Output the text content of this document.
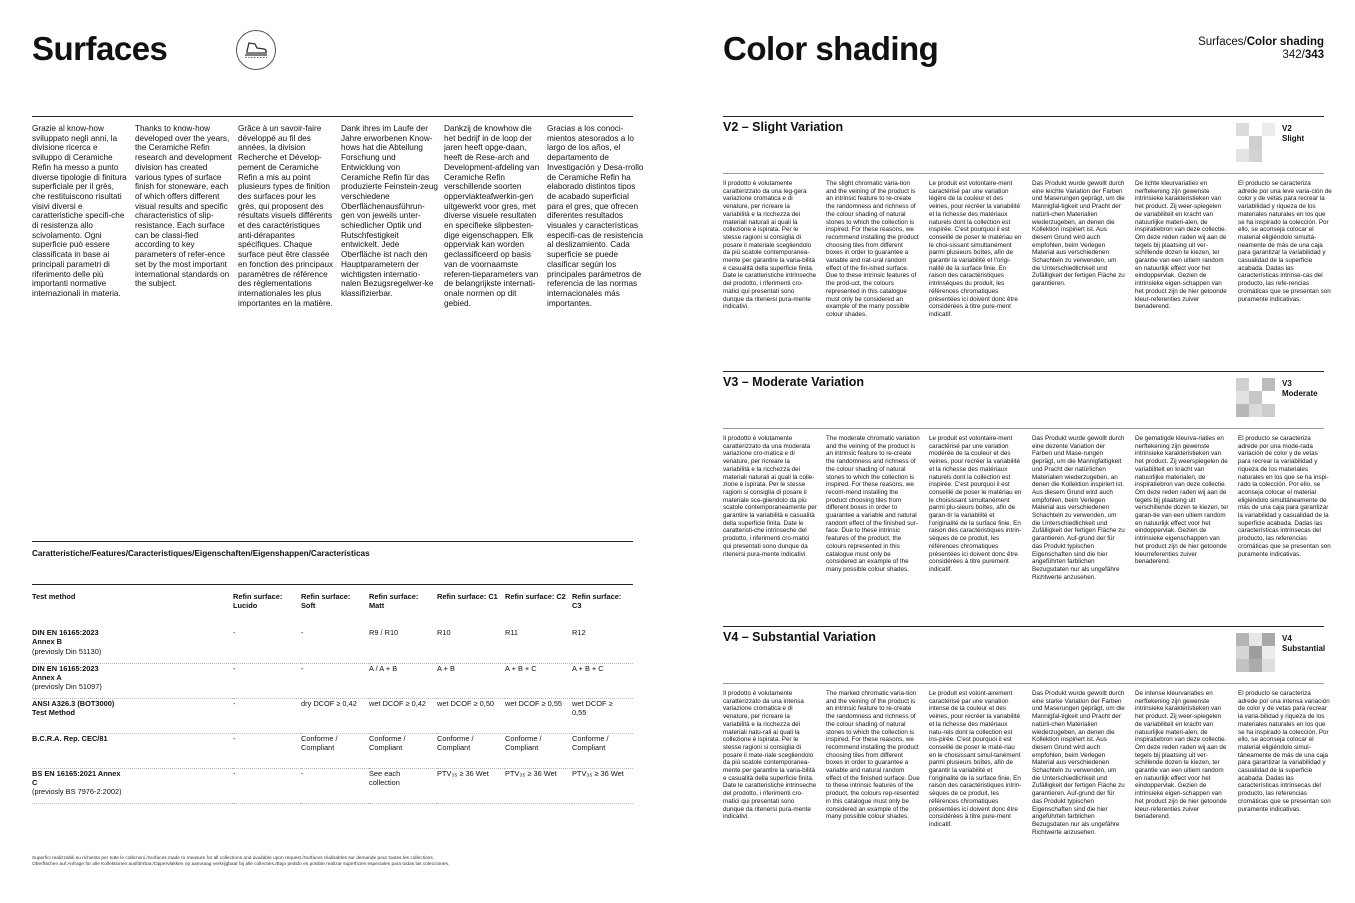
Surfaces
Grazie al know-how sviluppato negli anni, la divisione ricerca e sviluppo di Ceramiche Refin ha messo a punto diverse tipologie di finitura superficiale per il grès, che restituiscono risultati visivi diversi e caratteristiche specifi-che di resistenza allo scivolamento. Ogni superficie può essere classificata in base ai principali parametri di riferimento delle più importanti normative internazionali in materia.
Thanks to know-how developed over the years, the Ceramiche Refin research and development division has created various types of surface finish for stoneware, each of which offers different visual results and specific characteristics of slip-resistance. Each surface can be classi-fied according to key parameters of refer-ence set by the most important international standards on the subject.
Grâce à un savoir-faire développé au fil des années, la division Recherche et Dévelop-pement de Ceramiche Refin a mis au point plusieurs types de finition des surfaces pour les grès, qui proposent des résultats visuels différents et des caractéristiques anti-dérapantes spécifiques. Chaque surface peut être classée en fonction des principaux paramètres de référence des règlementations internationales les plus importantes en la matière.
Dank ihres im Laufe der Jahre erworbenen Know-hows hat die Abteilung Forschung und Entwicklung von Ceramiche Refin für das produzierte Feinstein-zeug verschiedene Oberflächenausführun-gen von jeweils unter-schiedlicher Optik und Rutschfestigkeit entwickelt. Jede Oberfläche ist nach den Hauptparametern der wichtigsten internatio-nalen Bezugsregelwer-ke klassifizierbar.
Dankzij de knowhow die het bedrijf in de loop der jaren heeft opge-daan, heeft de Rese-arch and Development-afdeling van Ceramiche Refin verschillende soorten oppervlakteafwerkin-gen uitgewerkt voor gres, met diverse visuele resultaten en specifieke slipbesten-dige eigenschappen. Elk opperviak kan worden geclassificeerd op basis van de voornaamste referen-tieparameters van de belangrijkste internati-onale normen op dit gebied.
Gracias a los conoci-mientos atesorados a lo largo de los años, el departamento de Investigación y Desa-rrollo de Ceramiche Refin ha elaborado distintos tipos de acabado superficial para el gres, que ofrecen diferentes resultados visuales y características especifi-cas de resistencia al deslizamiento. Cada superficie se puede clasificar según los principales parámetros de referencia de las normas internacionales más importantes.
Caratteristiche/Features/Caracteristiques/Eigenschaften/Eigenshappen/Características
Test method	Refin surface: Lucido	Refin surface: Soft	Refin surface: Matt	Refin surface: C1	Refin surface: C2	Refin surface: C3

DIN EN 16165:2023 Annex B
(previosly Din 51130)	-	-	R9 / R10	R10	R11	R12

DIN EN 16165:2023 Annex A
(previosly Din 51097)	-	-	A / A + B	A + B	A + B + C	A + B + C

ANSI A326.3 (BOT3000) Test Method	-	dry DCOF ≥ 0,42	wet DCOF ≥ 0,42	wet DCOF ≥ 0,50	wet DCOF ≥ 0,55	wet DCOF ≥ 0,55

B.C.R.A. Rep. CEC/81	-	Conforme / Compliant	Conforme / Compliant	Conforme / Compliant	Conforme / Compliant	Conforme / Compliant

BS EN 16165:2021 Annex C
(previosly BS 7976-2:2002)	-	-	See each collection	PTV₃₅ ≥ 36 Wet	PTV₃₅ ≥ 36 Wet	PTV₃₅ ≥ 36 Wet
Superfici realizzabili su richiesta per tutte le collezioni./Surfaces made to measure for all collections and available upon request./Surfaces réalisables sur demande pour toutes les collections.
Oberflächen auf Anfrage für alle Kollektionen ausführbar./Oppervlakken op aanvraag verkrijgbaar bij alle collecties./Bajo pedido es posible realizar superficies especiales para todas las colecciones.
Color shading	Surfaces/Color shading
342/343
V2 – Slight Variation	V2
Slight
Il prodotto è volutamente caratterizzato da una leg-gera variazione cromatica e di venature, per ricreare la variabilità e la ricchezza dei materiali naturali ai quali la collezione è ispirata. Per le stesse ragioni si consiglia di posare il materiale scegliendolo da più scatole contemporanea-mente per garantire la varia-bilità e casualità della superficie finita. Date le caratteristiche intrinseche del prodotto, i riferimenti cro-matici qui presentati sono dunque da ritenersi pura-mente indicativi.
The slight chromatic varia-tion and the veining of the product is an intrinsic feature to re-create the randomness and richness of the colour shading of natural stones to which the collection is inspired. For these reasons, we recommend installing the product choosing tiles from different boxes in order to guarantee a variable and nat-ural random effect of the fin-ished surface. Due to these intrinsic features of the prod-uct, the colours represented in this catalogue must only be considered an example of the many possible colour shades.
Le produit est volontaire-ment caractérisé par une variation légère de la couleur et des veines, pour recréer la variabilité et la richesse des matériaux naturels dont la collection est inspirée. C'est pourquoi il est conseillé de poser le matériau en le choi-sissant simultanément parmi plusieurs boîtes, afin de garantir la variabilité et l'origi-nalité de la surface finie. En raison des caractéristiques intrinsèques du produit, les références chromatiques présentées ici doivent donc être considérées à titre pure-ment indicatif.
Das Produkt wurde gewollt durch eine leichte Variation der Farben und Maserungen geprägt, um die Mannigfal-tigkeit und Pracht der natürli-chen Materialien wiederzugeben, an denen die Kollektion inspiriert ist. Aus diesem Grund wird auch empfohlen, beim Verlegen Material aus verschiedenen Schachteln zu verwenden, um die Unterschiedlichkeit und Zufälligkeit der fertigen Fläche zu garantieren.
De lichte kleurvariaties en nerftekening zijn gewenste intrinsieke karakteristieken van het product. Zij weer-spiegelen de variabiliteit en kracht van natuurlijke materi-alen, de inspiratiebron van deze collectie. Om deze reden raden wij aan de tegels bij plaatsing uit ver-schillende dozen te kiezen, ter garantie van een uitiem random en natuurlijk effect voor het eindoppervlak. Gezien de intrinsieke eigen-schappen van het product zijn de hier getoonde kleur-referenties zuiver benaderend.
El producto se caracteriza adrede por una leve varia-ción de color y de vetas para recrear la variabilidad y riqueza de los materiales naturales en los que se ha inspirado la colección. Por ello, se aconseja colocar el material eligiéndolo simultá-neamente de más de una caja para garantizar la variabilidad y casualidad de la superficie acabada. Dadas las características intrinse-cas del producto, las refe-rencias cromáticas que se presentan son puramente indicativas.
V3 – Moderate Variation	V3
Moderate
Il prodotto è volutamente caratterizzato da una moderata variazione cro-matica e di venature, per ricreare la variabilità e la ricchezza dei materiali naturali ai quali la colle-zione è ispirata. Per le stesse ragioni si consiglia di posare il materiale sce-gliendolo da più scatole contemporaneamente per garantire la variabilità e casualità della superficie finita. Date le caratteristi-che intrinseche del prodotto, i riferimenti cro-matici qui presentati sono dunque da ritenersi pura-mente indicativi.
The moderate chromatic variation and the veining of the product is an intrinsic feature to re-create the randomness and richness of the colour shading of natural stones to which the collection is inspired. For these reasons, we recom-mend installing the product choosing tiles from different boxes in order to guarantee a variable and natural random effect of the finished sur-face. Due to these intrinsic features of the product, the colours represented in this catalogue must only be considered an example of the many possible colour shades.
Le produit est volontaire-ment caractérisé par une variation modérée de la couleur et des veines, pour recréer la variabilité et la richesse des matériaux naturels dont la collection est inspirée. C'est pourquoi il est conseillé de poser le matériau en le choisissant simultanément parmi plu-sieurs boîtes, afin de garan-tir la variabilité et l'originalité de la surface finie. En raison des caractéristiques intrin-sèques de ce produit, les références chromatiques présentées ici doivent donc être considérées à titre purement indicatif.
Das Produkt wurde gewollt durch eine dezente Variation der Farben und Mase-rungen geprägt, um die Mannigfaltigkeit und Pracht der natürlichen Materialien wiederzugeben, an denen die Kollektion inspiriert ist. Aus diesem Grund wird auch empfohlen, beim Verlegen Material aus verschiedenen Schachteln zu verwenden, um die Unterschiedlichkeit und Zufälligkeit der fertigen Fläche zu garantieren. Auf-grund der für das Produkt typischen Eigenschaften sind die hier angeführten farblichen Bezugsdaten nur als ungefähre Richtwerte anzusehen.
De gematigde kleurva-riaties en nerftekening zijn gewenste intrinsieke karakteristieken van het product. Zij weerspiegelen de variabiliteit en kracht van natuurlijke materialen, de inspiratiebron van deze collectie. Om deze reden raden wij aan de tegels bij plaatsing uit verschillende dozen te kiezen, ter garan-tie van een uitiem random en natuurlijk effect voor het eindoppervlak. Gezien de intrinsieke eigenschappen van het product zijn de hier getoonde kleurreferenties zuiver benaderend.
El producto se caracteriza adrede por una mode-rada variación de color y de vetas para recrear la variabilidad y riqueza de los materiales naturales en los que se ha inspi-rado la colección. Por ello, se aconseja colocar el material eligiéndolo simultáneamente de más de una caja para garantizar la variabilidad y casualidad de la superficie acabada. Dadas las características intrínsecas del producto, las referencias cromáticas que se presentan son puramente indicativas.
V4 – Substantial Variation	V4
Substantial
Il prodotto è volutamente caratterizzato da una intensa variazione cromatica e di venature, per ricreare la variabilità e la ricchezza dei materiali natu-rali ai quali la collezione è ispirata. Per le stesse ragioni si consiglia di posare il mate-riale scegliendolo da più scatole contemporanea-mente per garantire la varia-bilità e casualità della superficie finita. Date le caratteristiche intrinseche del prodotto, i riferimenti cro-matici qui presentati sono dunque da ritenersi pura-mente indicativi.
The marked chromatic varia-tion and the veining of the product is an intrinsic feature to re-create the randomness and richness of the colour shading of natural stones to which the collection is inspired. For these reasons, we recommend installing the product choosing tiles from different boxes in order to guarantee a variable and natural random effect of the finished surface. Due to these intrinsic features of the product, the colours rep-resented in this catalogue must only be considered an example of the many possible colour shades.
Le produit est volont-airement caractérisé par une variation intense de la couleur et des veines, pour recréer la variabilité et la richesse des matériaux natu-rels dont la collection est ins-pirée. C'est pourquoi il est conseillé de poser le maté-riau en le choisissant simul-tanément parmi plusieurs boîtes, afin de garantir la variabilité et l'originalité de la surface finie. En raison des caractéristiques intrin-sèques de ce produit, les références chromatiques présentées ici doivent donc être considérées à titre pure-ment indicatif.
Das Produkt wurde gewollt durch eine starke Variation der Farben und Maserungen geprägt, um die Mannigfal-tigkeit und Pracht der natürli-chen Materialien wiederzugeben, an denen die Kollektion inspiriert ist. Aus diesem Grund wird auch empfohlen, beim Verlegen Material aus verschiedenen Schachteln zu verwenden, um die Unterschiedlichkeit und Zufälligkeit der fertigen Fläche zu garantieren. Auf-grund der für das Produkt typischen Eigenschaften sind die hier angeführten farblichen Bezugsdaten nur als ungefähre Richtwerte anzusehen.
De intense kleurvariaties en nerftekening zijn gewenste intrinsieke karakteristieken van het product. Zij weer-spiegelen de variabiliteit en kracht van natuurlijke materi-alen, de inspiratiebron van deze collectie. Om deze reden raden wij aan de tegels bij plaatsing uit ver-schillende dozen te kiezen, ter garantie van een uitiem random en natuurlijk effect voor het eindoppervlak. Gezien de intrinsieke eigen-schappen van het product zijn de hier getoonde kleur-referenties zuiver benaderend.
El producto se caracteriza adrede por una intensa variación de color y de vetas para recrear la varia-bilidad y riqueza de los materiales naturales en los que se ha inspirado la colección. Por ello, se aconseja colocar el material eligiéndolo simul-táneamente de más de una caja para garantizar la variabilidad y casualidad de la superficie acabada. Dadas las características intrínsecas del producto, las referencias cromáticas que se presentan son puramente indicativas.
